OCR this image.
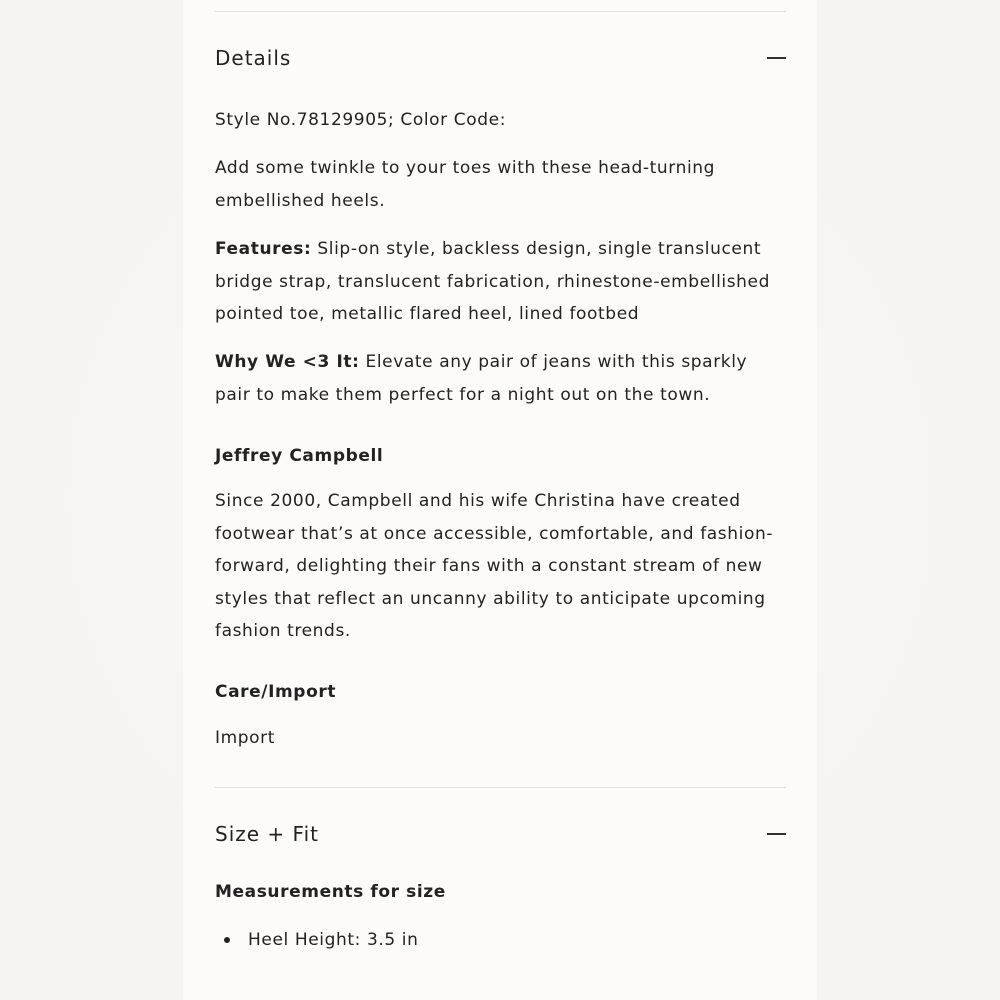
Details
Style No.78129905; Color Code:
Add some twinkle to your toes with these head-turning embellished heels.
Features: Slip-on style, backless design, single translucent bridge strap, translucent fabrication, rhinestone-embellished pointed toe, metallic flared heel, lined footbed
Why We <3 It: Elevate any pair of jeans with this sparkly pair to make them perfect for a night out on the town.
Jeffrey Campbell
Since 2000, Campbell and his wife Christina have created footwear that’s at once accessible, comfortable, and fashion-forward, delighting their fans with a constant stream of new styles that reflect an uncanny ability to anticipate upcoming fashion trends.
Care/Import
Import
Size + Fit
Measurements for size
Heel Height: 3.5 in
